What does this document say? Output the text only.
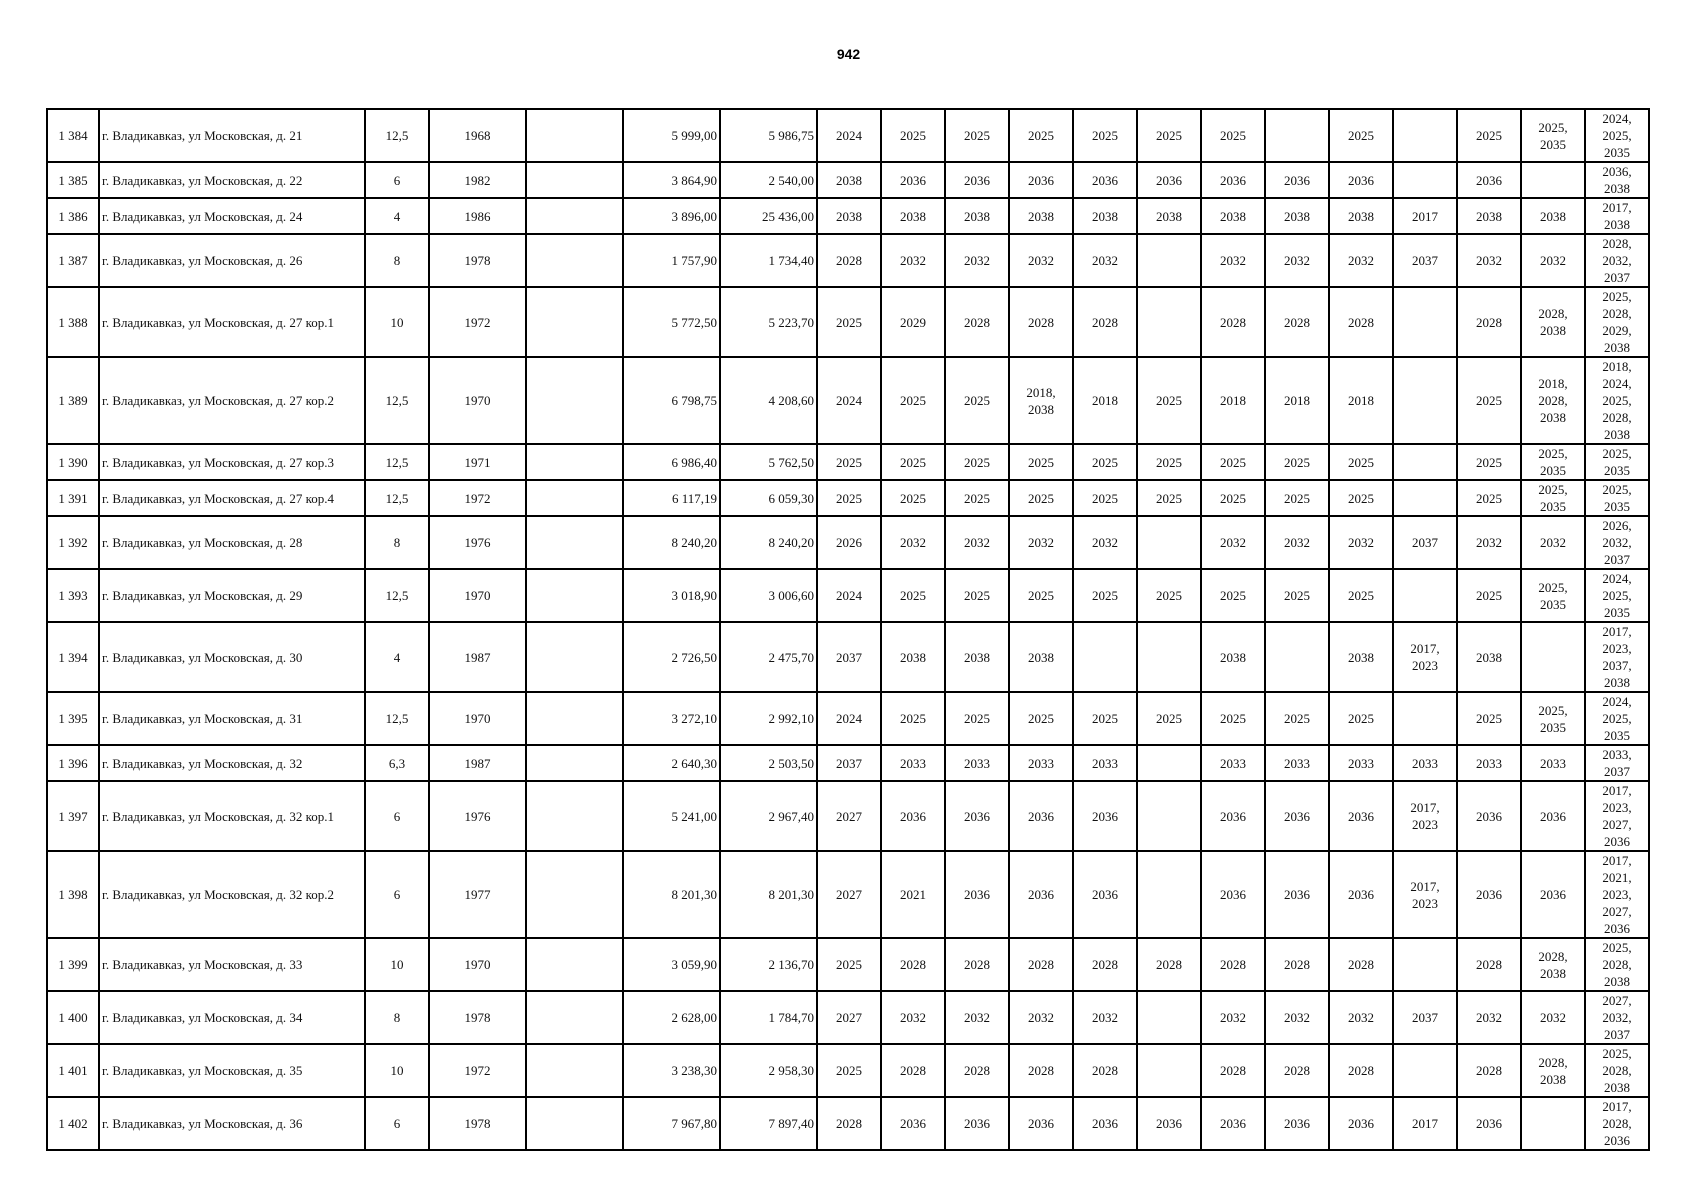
942
1 384	г. Владикавказ, ул Московская, д. 21	12,5	1968		5 999,00	5 986,75	2024	2025	2025	2025	2025	2025	2025		2025		2025	2025, 2035	2024, 2025, 2035
1 385	г. Владикавказ, ул Московская, д. 22	6	1982		3 864,90	2 540,00	2038	2036	2036	2036	2036	2036	2036	2036	2036		2036		2036, 2038
1 386	г. Владикавказ, ул Московская, д. 24	4	1986		3 896,00	25 436,00	2038	2038	2038	2038	2038	2038	2038	2038	2038	2017	2038	2038	2017, 2038
1 387	г. Владикавказ, ул Московская, д. 26	8	1978		1 757,90	1 734,40	2028	2032	2032	2032	2032		2032	2032	2032	2037	2032	2032	2028, 2032, 2037
1 388	г. Владикавказ, ул Московская, д. 27 кор.1	10	1972		5 772,50	5 223,70	2025	2029	2028	2028	2028		2028	2028	2028		2028	2028, 2038	2025, 2028, 2029, 2038
1 389	г. Владикавказ, ул Московская, д. 27 кор.2	12,5	1970		6 798,75	4 208,60	2024	2025	2025	2018, 2038	2018	2025	2018	2018	2018		2025	2018, 2028, 2038	2018, 2024, 2025, 2028, 2038
1 390	г. Владикавказ, ул Московская, д. 27 кор.3	12,5	1971		6 986,40	5 762,50	2025	2025	2025	2025	2025	2025	2025	2025	2025		2025	2025, 2035	2025, 2035
1 391	г. Владикавказ, ул Московская, д. 27 кор.4	12,5	1972		6 117,19	6 059,30	2025	2025	2025	2025	2025	2025	2025	2025	2025		2025	2025, 2035	2025, 2035
1 392	г. Владикавказ, ул Московская, д. 28	8	1976		8 240,20	8 240,20	2026	2032	2032	2032	2032		2032	2032	2032	2037	2032	2032	2026, 2032, 2037
1 393	г. Владикавказ, ул Московская, д. 29	12,5	1970		3 018,90	3 006,60	2024	2025	2025	2025	2025	2025	2025	2025	2025		2025	2025, 2035	2024, 2025, 2035
1 394	г. Владикавказ, ул Московская, д. 30	4	1987		2 726,50	2 475,70	2037	2038	2038	2038			2038		2038	2017, 2023	2038		2017, 2023, 2037, 2038
1 395	г. Владикавказ, ул Московская, д. 31	12,5	1970		3 272,10	2 992,10	2024	2025	2025	2025	2025	2025	2025	2025	2025		2025	2025, 2035	2024, 2025, 2035
1 396	г. Владикавказ, ул Московская, д. 32	6,3	1987		2 640,30	2 503,50	2037	2033	2033	2033	2033		2033	2033	2033	2033	2033	2033	2033, 2037
1 397	г. Владикавказ, ул Московская, д. 32 кор.1	6	1976		5 241,00	2 967,40	2027	2036	2036	2036	2036		2036	2036	2036	2017, 2023	2036	2036	2017, 2023, 2027, 2036
1 398	г. Владикавказ, ул Московская, д. 32 кор.2	6	1977		8 201,30	8 201,30	2027	2021	2036	2036	2036		2036	2036	2036	2017, 2023	2036	2036	2017, 2021, 2023, 2027, 2036
1 399	г. Владикавказ, ул Московская, д. 33	10	1970		3 059,90	2 136,70	2025	2028	2028	2028	2028	2028	2028	2028	2028		2028	2028, 2038	2025, 2028, 2038
1 400	г. Владикавказ, ул Московская, д. 34	8	1978		2 628,00	1 784,70	2027	2032	2032	2032	2032		2032	2032	2032	2037	2032	2032	2027, 2032, 2037
1 401	г. Владикавказ, ул Московская, д. 35	10	1972		3 238,30	2 958,30	2025	2028	2028	2028	2028		2028	2028	2028		2028	2028, 2038	2025, 2028, 2038
1 402	г. Владикавказ, ул Московская, д. 36	6	1978		7 967,80	7 897,40	2028	2036	2036	2036	2036	2036	2036	2036	2036	2017	2036		2017, 2028, 2036
